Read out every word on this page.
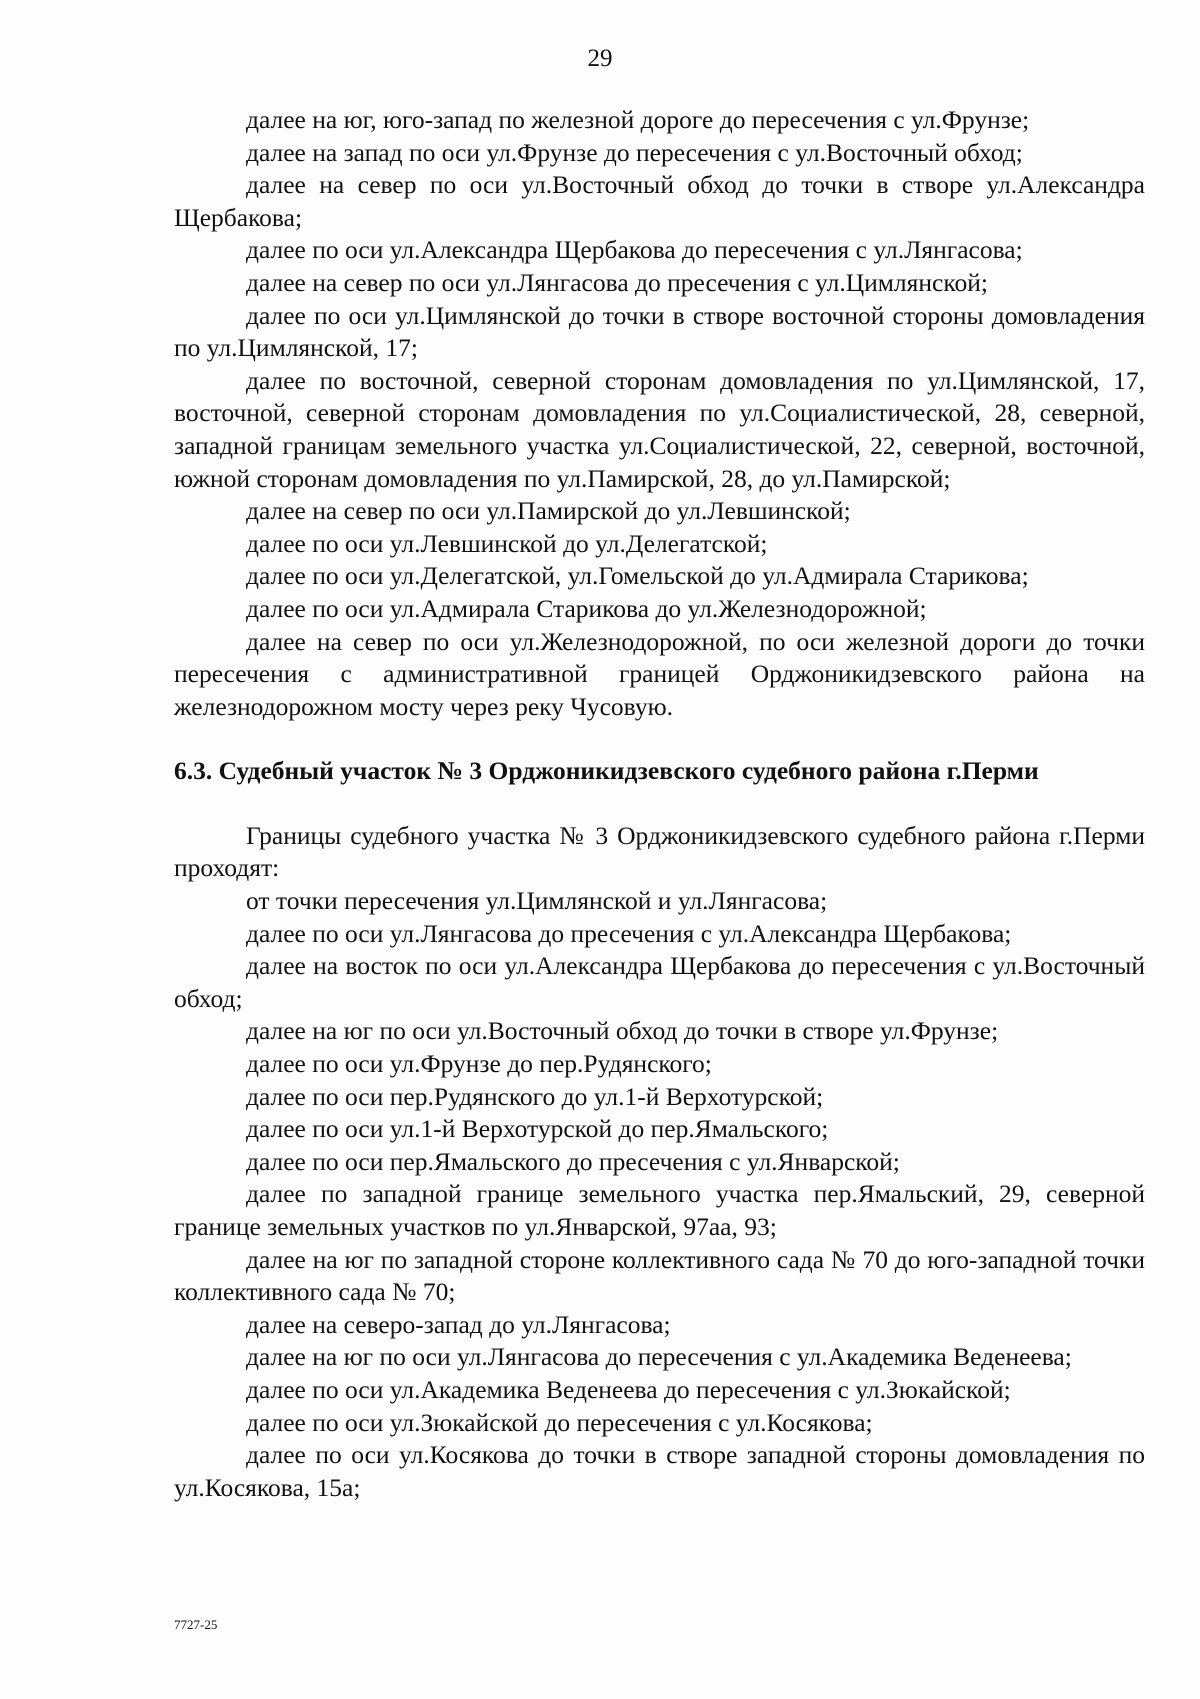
29

далее на юг, юго-запад по железной дороге до пересечения с ул.Фрунзе;

далее на запад по оси ул.Фрунзе до пересечения с ул.Восточный обход;

далее на север по оси ул.Восточный обход до точки в створе ул.Александра Щербакова;

далее по оси ул.Александра Щербакова до пересечения с ул.Лянгасова;

далее на север по оси ул.Лянгасова до пресечения с ул.Цимлянской;

далее по оси ул.Цимлянской до точки в створе восточной стороны домовладения по ул.Цимлянской, 17;

далее по восточной, северной сторонам домовладения по ул.Цимлянской, 17, восточной, северной сторонам домовладения по ул.Социалистической, 28, северной, западной границам земельного участка ул.Социалистической, 22, северной, восточной, южной сторонам домовладения по ул.Памирской, 28, до ул.Памирской;

далее на север по оси ул.Памирской до ул.Левшинской;

далее по оси ул.Левшинской до ул.Делегатской;

далее по оси ул.Делегатской, ул.Гомельской до ул.Адмирала Старикова;

далее по оси ул.Адмирала Старикова до ул.Железнодорожной;

далее на север по оси ул.Железнодорожной, по оси железной дороги до точки пересечения с административной границей Орджоникидзевского района на железнодорожном мосту через реку Чусовую.

6.3. Судебный участок № 3 Орджоникидзевского судебного района г.Перми

Границы судебного участка № 3 Орджоникидзевского судебного района г.Перми проходят:

от точки пересечения ул.Цимлянской и ул.Лянгасова;

далее по оси ул.Лянгасова до пресечения с ул.Александра Щербакова;

далее на восток по оси ул.Александра Щербакова до пересечения с ул.Восточный обход;

далее на юг по оси ул.Восточный обход до точки в створе ул.Фрунзе;

далее по оси ул.Фрунзе до пер.Рудянского;

далее по оси пер.Рудянского до ул.1-й Верхотурской;

далее по оси ул.1-й Верхотурской до пер.Ямальского;

далее по оси пер.Ямальского до пресечения с ул.Январской;

далее по западной границе земельного участка пер.Ямальский, 29, северной границе земельных участков по ул.Январской, 97аа, 93;

далее на юг по западной стороне коллективного сада № 70 до юго-западной точки коллективного сада № 70;

далее на северо-запад до ул.Лянгасова;

далее на юг по оси ул.Лянгасова до пересечения с ул.Академика Веденеева;

далее по оси ул.Академика Веденеева до пересечения с ул.Зюкайской;

далее по оси ул.Зюкайской до пересечения с ул.Косякова;

далее по оси ул.Косякова до точки в створе западной стороны домовладения по ул.Косякова, 15а;

7727-25
